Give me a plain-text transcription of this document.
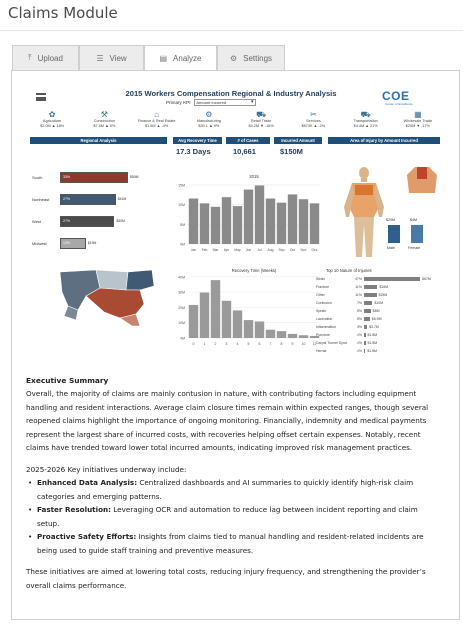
Claims Module
⤒ Upload	☰ View	▤ Analyze	⚙ Settings
2015 Workers Compensation Regional & Industry Analysis
Primary KPI	Amount Incurred ▾	COE
Center of Excellence
✿
Agriculture
$2.0M ▲ 18%
⚒
Construction
$7.5M ▲ 0%
⌂
Finance & Real Estate
$1.6M ▲ -4%
⚙
Manufacturing
$30.1 ▲ 9%
⛟
Retail Trade
$4.2M ▼ -16%
✂
Services
$873K ▲ -2%
⛟
Transportation
$4.4M ▲ 21%
▦
Wholesale Trade
$20M ▼ -17%
Regional Analysis	Avg Recovery Time	# of Cases	Incurred Amount	Area of Injury by Amount Incurred
17.3 Days	10,661	$150M
South	33%	$50M
Northeast	27%	$41M
West	27%	$40M
Midwest	13%	$19M
2015
15M
10M
5M
0M
Jan Feb Mar Apr May Jun Jul Aug Sep Oct Nov Dec
$20M	$4M
Male	Female
Recovery Time (Weeks)
40M
30M
20M
10M
0M
0	1	2	3	4	5	6	7	8	9 10 11
Top 10 Nature of Injuries
Strain	47%	$67M
Fracture	11%	$16M
Other	11%	$15M
Contusion	7%	$10M
Sprain	5%	$8M
Laceration	5%	$6.9M
Inflammation	3% $3.7M
Puncture	1% $1.8M
Carpal Tunnel Synd	1% $1.8M
Hernia	1% $1.5M
Executive Summary

Overall, the majority of claims are mainly contusion in nature, with contributing factors including equipment handling and resident interactions. Average claim closure times remain within expected ranges, though several reopened claims highlight the importance of ongoing monitoring. Financially, indemnity and medical payments represent the largest share of incurred costs, with recoveries helping offset certain expenses. Notably, recent claims have trended toward lower total incurred amounts, indicating improved risk management practices.

2025-2026 Key initiatives underway include:

• Enhanced Data Analysis: Centralized dashboards and AI summaries to quickly identify high-risk claim categories and emerging patterns.
• Faster Resolution: Leveraging OCR and automation to reduce lag between incident reporting and claim setup.
• Proactive Safety Efforts: Insights from claims tied to manual handling and resident-related incidents are being used to guide staff training and preventive measures.

These initiatives are aimed at lowering total costs, reducing injury frequency, and strengthening the provider’s overall claims performance.
